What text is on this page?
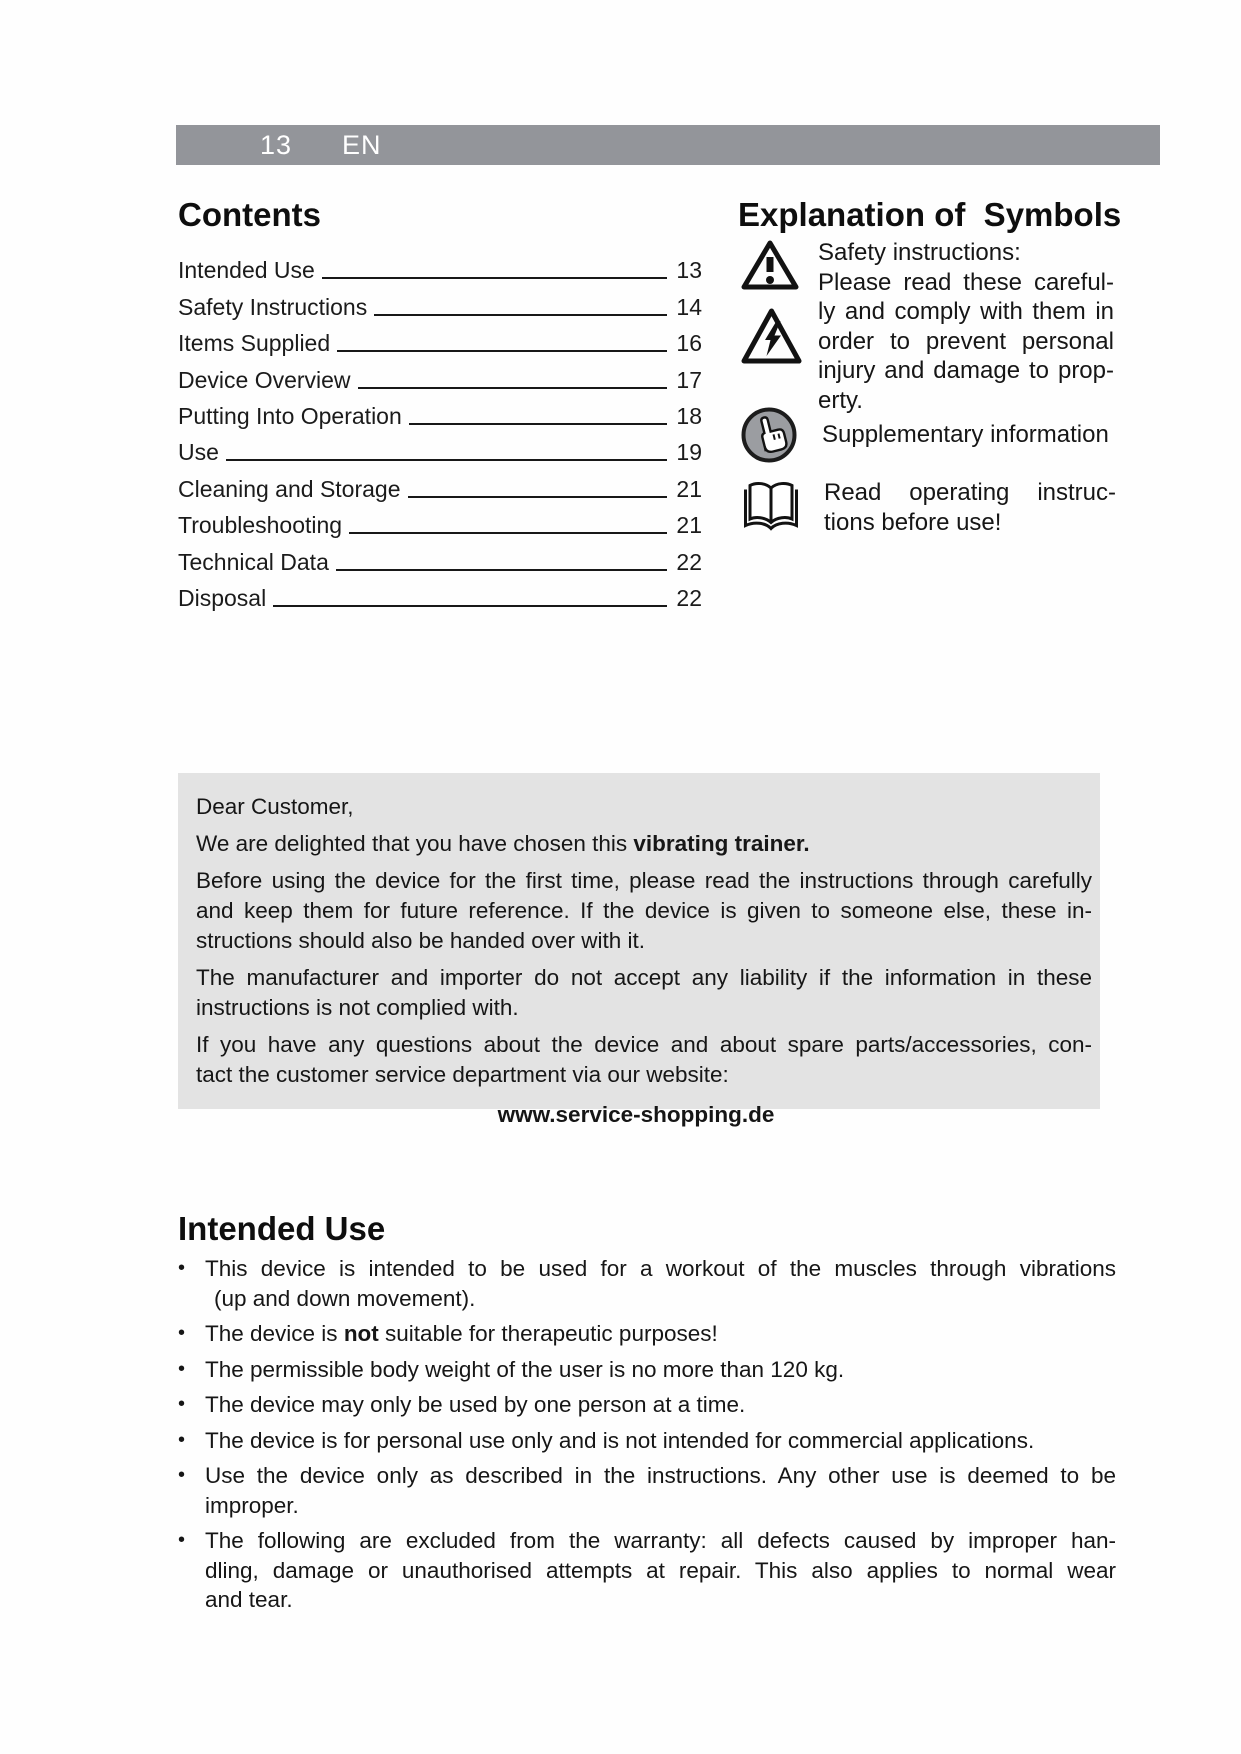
13 EN
Contents
Intended Use	13
Safety Instructions	14
Items Supplied	16
Device Overview	17
Putting Into Operation	18
Use	19
Cleaning and Storage	21
Troubleshooting	21
Technical Data	22
Disposal	22
Explanation of  Symbols
Safety instructions:
Please read these careful-
ly and comply with them in
order to prevent personal
injury and damage to prop-
erty.
Supplementary information
Read operating instruc-
tions before use!
Dear Customer,
We are delighted that you have chosen this vibrating trainer.
Before using the device for the first time, please read the instructions through carefully
and keep them for future reference. If the device is given to someone else, these in-
structions should also be handed over with it.
The manufacturer and importer do not accept any liability if the information in these
instructions is not complied with.
If you have any questions about the device and about spare parts/accessories, con-
tact the customer service department via our website:
www.service-shopping.de
Intended Use
• This device is intended to be used for a workout of the muscles through vibrations
(up and down movement).
• The device is not suitable for therapeutic purposes!
• The permissible body weight of the user is no more than 120 kg.
• The device may only be used by one person at a time.
• The device is for personal use only and is not intended for commercial applications.
• Use the device only as described in the instructions. Any other use is deemed to be
improper.
• The following are excluded from the warranty: all defects caused by improper han-
dling, damage or unauthorised attempts at repair. This also applies to normal wear
and tear.
